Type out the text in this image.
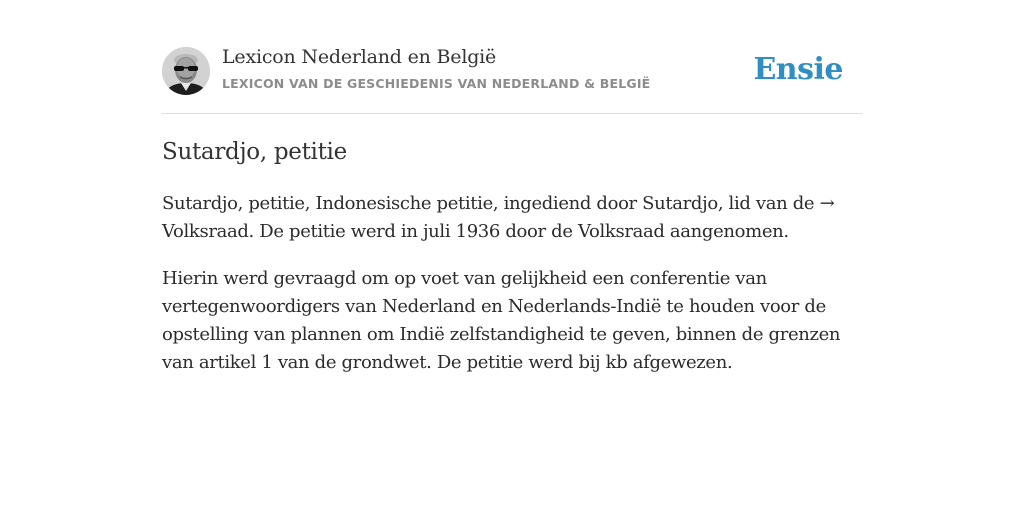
Lexicon Nederland en België
LEXICON VAN DE GESCHIEDENIS VAN NEDERLAND & BELGIË	Ensie
Sutardjo, petitie

Sutardjo, petitie, Indonesische petitie, ingediend door Sutardjo, lid van de →
Volksraad. De petitie werd in juli 1936 door de Volksraad aangenomen.

Hierin werd gevraagd om op voet van gelijkheid een conferentie van vertegenwoordigers van Nederland en Nederlands-Indië te houden voor de opstelling van plannen om Indië zelfstandigheid te geven, binnen de grenzen van artikel 1 van de grondwet. De petitie werd bij kb afgewezen.
